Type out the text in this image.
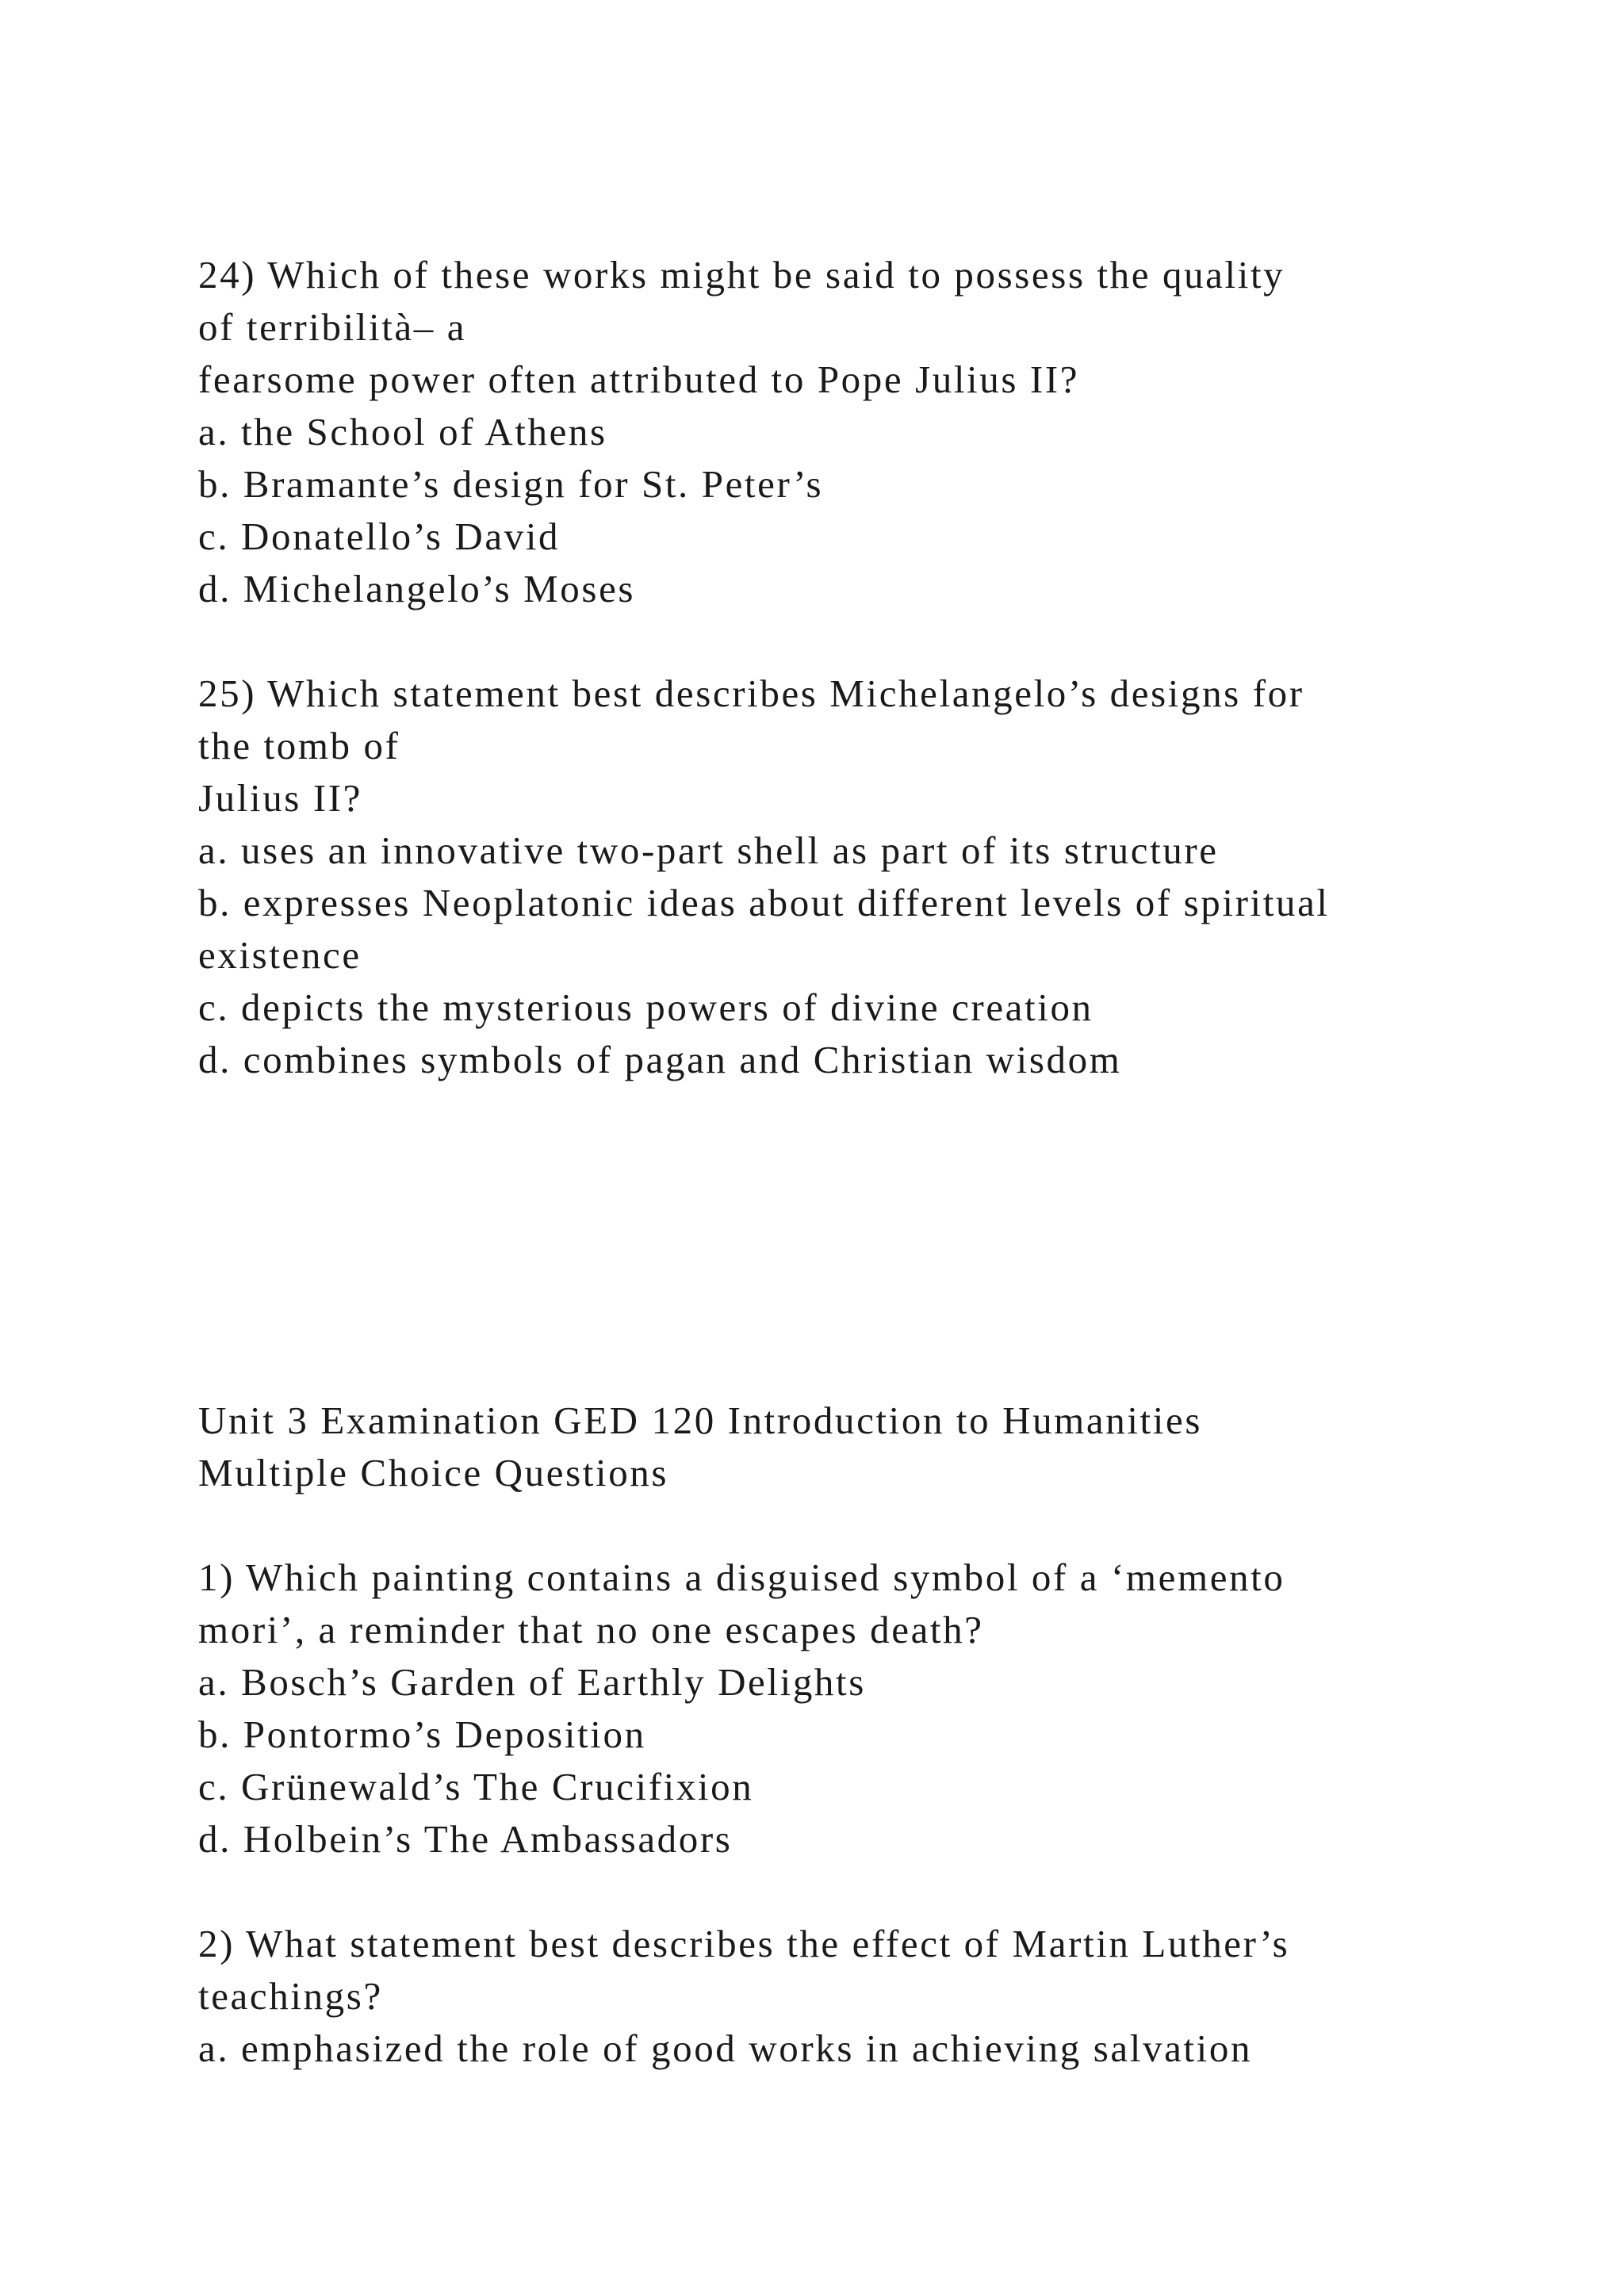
24) Which of these works might be said to possess the quality

of terribilità– a

fearsome power often attributed to Pope Julius II?

a. the School of Athens

b. Bramante’s design for St. Peter’s

c. Donatello’s David

d. Michelangelo’s Moses

25) Which statement best describes Michelangelo’s designs for

the tomb of

Julius II?

a. uses an innovative two-part shell as part of its structure

b. expresses Neoplatonic ideas about different levels of spiritual

existence

c. depicts the mysterious powers of divine creation

d. combines symbols of pagan and Christian wisdom

Unit 3 Examination GED 120 Introduction to Humanities

Multiple Choice Questions

1) Which painting contains a disguised symbol of a ‘memento

mori’, a reminder that no one escapes death?

a. Bosch’s Garden of Earthly Delights

b. Pontormo’s Deposition

c. Grünewald’s The Crucifixion

d. Holbein’s The Ambassadors

2) What statement best describes the effect of Martin Luther’s

teachings?

a. emphasized the role of good works in achieving salvation
